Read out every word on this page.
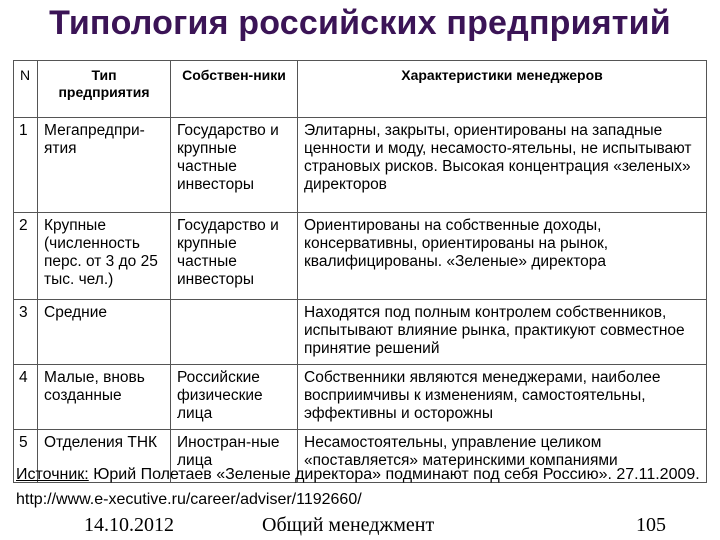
Типология российских предприятий
N	Тип предприятия	Собствен-ники	Характеристики менеджеров
1	Мегапредпри-ятия	Государство и крупные частные инвесторы	Элитарны, закрыты, ориентированы на западные ценности и моду, несамосто-ятельны, не испытывают страновых рисков. Высокая концентрация «зеленых» директоров
2	Крупные (численность перс. от 3 до 25 тыс. чел.)	Государство и крупные частные инвесторы	Ориентированы на собственные доходы, консервативны, ориентированы на рынок, квалифицированы. «Зеленые» директора
3	Средние		Находятся под полным контролем собственников, испытывают влияние рынка, практикуют совместное принятие решений
4	Малые, вновь созданные	Российские физические лица	Собственники являются менеджерами, наиболее восприимчивы к изменениям, самостоятельны, эффективны и осторожны
5	Отделения ТНК	Иностран-ные лица	Несамостоятельны, управление целиком «поставляется» материнскими компаниями
Источник: Юрий Полетаев «Зеленые директора» подминают под себя Россию». 27.11.2009. http://www.e-xecutive.ru/career/adviser/1192660/
14.10.2012	Общий менеджмент	105
